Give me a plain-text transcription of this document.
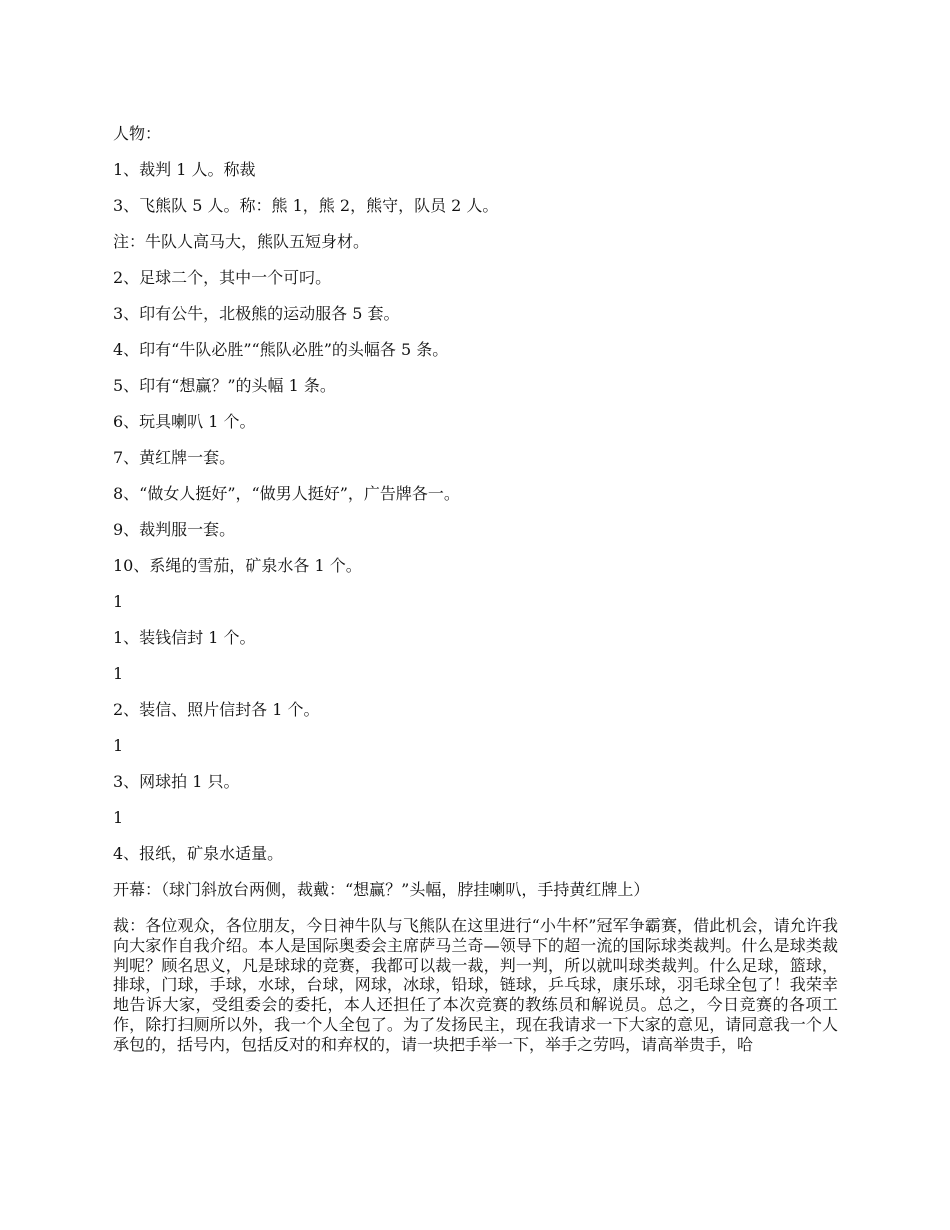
人物：
1、裁判 1 人。称裁
3、飞熊队 5 人。称：熊 1，熊 2，熊守，队员 2 人。
注：牛队人高马大，熊队五短身材。
2、足球二个，其中一个可叼。
3、印有公牛，北极熊的运动服各 5 套。
4、印有“牛队必胜”“熊队必胜”的头幅各 5 条。
5、印有“想赢？”的头幅 1 条。
6、玩具喇叭 1 个。
7、黄红牌一套。
8、“做女人挺好”，“做男人挺好”，广告牌各一。
9、裁判服一套。
10、系绳的雪茄，矿泉水各 1 个。
1
1、装钱信封 1 个。
1
2、装信、照片信封各 1 个。
1
3、网球拍 1 只。
1
4、报纸，矿泉水适量。
开幕：（球门斜放台两侧，裁戴：“想赢？”头幅，脖挂喇叭，手持黄红牌上）

裁：各位观众，各位朋友，今日神牛队与飞熊队在这里进行“小牛杯”冠军争霸赛，借此机会，请允许我向大家作自我介绍。本人是国际奥委会主席萨马兰奇—领导下的超一流的国际球类裁判。什么是球类裁判呢？顾名思义，凡是球球的竞赛，我都可以裁一裁，判一判，所以就叫球类裁判。什么足球，篮球，排球，门球，手球，水球，台球，网球，冰球，铅球，链球，乒乓球，康乐球，羽毛球全包了！我荣幸地告诉大家，受组委会的委托，本人还担任了本次竞赛的教练员和解说员。总之，今日竞赛的各项工作，除打扫厕所以外，我一个人全包了。为了发扬民主，现在我请求一下大家的意见，请同意我一个人承包的，括号内，包括反对的和弃权的，请一块把手举一下，举手之劳吗，请高举贵手，哈
